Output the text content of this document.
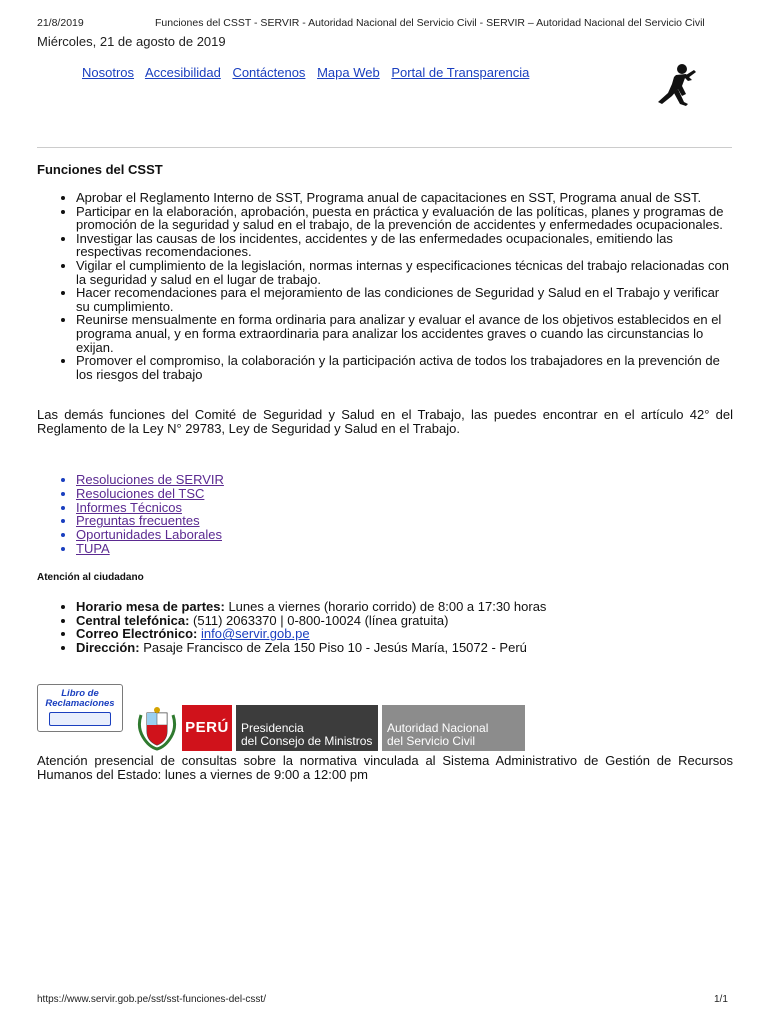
21/8/2019	Funciones del CSST - SERVIR - Autoridad Nacional del Servicio Civil - SERVIR – Autoridad Nacional del Servicio Civil
Miércoles, 21 de agosto de 2019
Nosotros Accesibilidad Contáctenos Mapa Web Portal de Transparencia
Funciones del CSST
• Aprobar el Reglamento Interno de SST, Programa anual de capacitaciones en SST, Programa anual de SST.
• Participar en la elaboración, aprobación, puesta en práctica y evaluación de las políticas, planes y programas de promoción de la seguridad y salud en el trabajo, de la prevención de accidentes y enfermedades ocupacionales.
• Investigar las causas de los incidentes, accidentes y de las enfermedades ocupacionales, emitiendo las respectivas recomendaciones.
• Vigilar el cumplimiento de la legislación, normas internas y especificaciones técnicas del trabajo relacionadas con la seguridad y salud en el lugar de trabajo.
• Hacer recomendaciones para el mejoramiento de las condiciones de Seguridad y Salud en el Trabajo y verificar su cumplimiento.
• Reunirse mensualmente en forma ordinaria para analizar y evaluar el avance de los objetivos establecidos en el programa anual, y en forma extraordinaria para analizar los accidentes graves o cuando las circunstancias lo exijan.
• Promover el compromiso, la colaboración y la participación activa de todos los trabajadores en la prevención de los riesgos del trabajo

Las demás funciones del Comité de Seguridad y Salud en el Trabajo, las puedes encontrar en el artículo 42° del Reglamento de la Ley N° 29783, Ley de Seguridad y Salud en el Trabajo.

• Resoluciones de SERVIR
• Resoluciones del TSC
• Informes Técnicos
• Preguntas frecuentes
• Oportunidades Laborales
• TUPA
Atención al ciudadano
• Horario mesa de partes: Lunes a viernes (horario corrido) de 8:00 a 17:30 horas
• Central telefónica: (511) 2063370 | 0-800-10024 (línea gratuita)
• Correo Electrónico: info@servir.gob.pe
• Dirección: Pasaje Francisco de Zela 150 Piso 10 - Jesús María, 15072 - Perú
Libro de Reclamaciones
PERÚ Presidencia
del Consejo de Ministros
Autoridad Nacional
del Servicio Civil

Atención presencial de consultas sobre la normativa vinculada al Sistema Administrativo de Gestión de Recursos Humanos del Estado: lunes a viernes de 9:00 a 12:00 pm

https://www.servir.gob.pe/sst/sst-funciones-del-csst/	1/1
